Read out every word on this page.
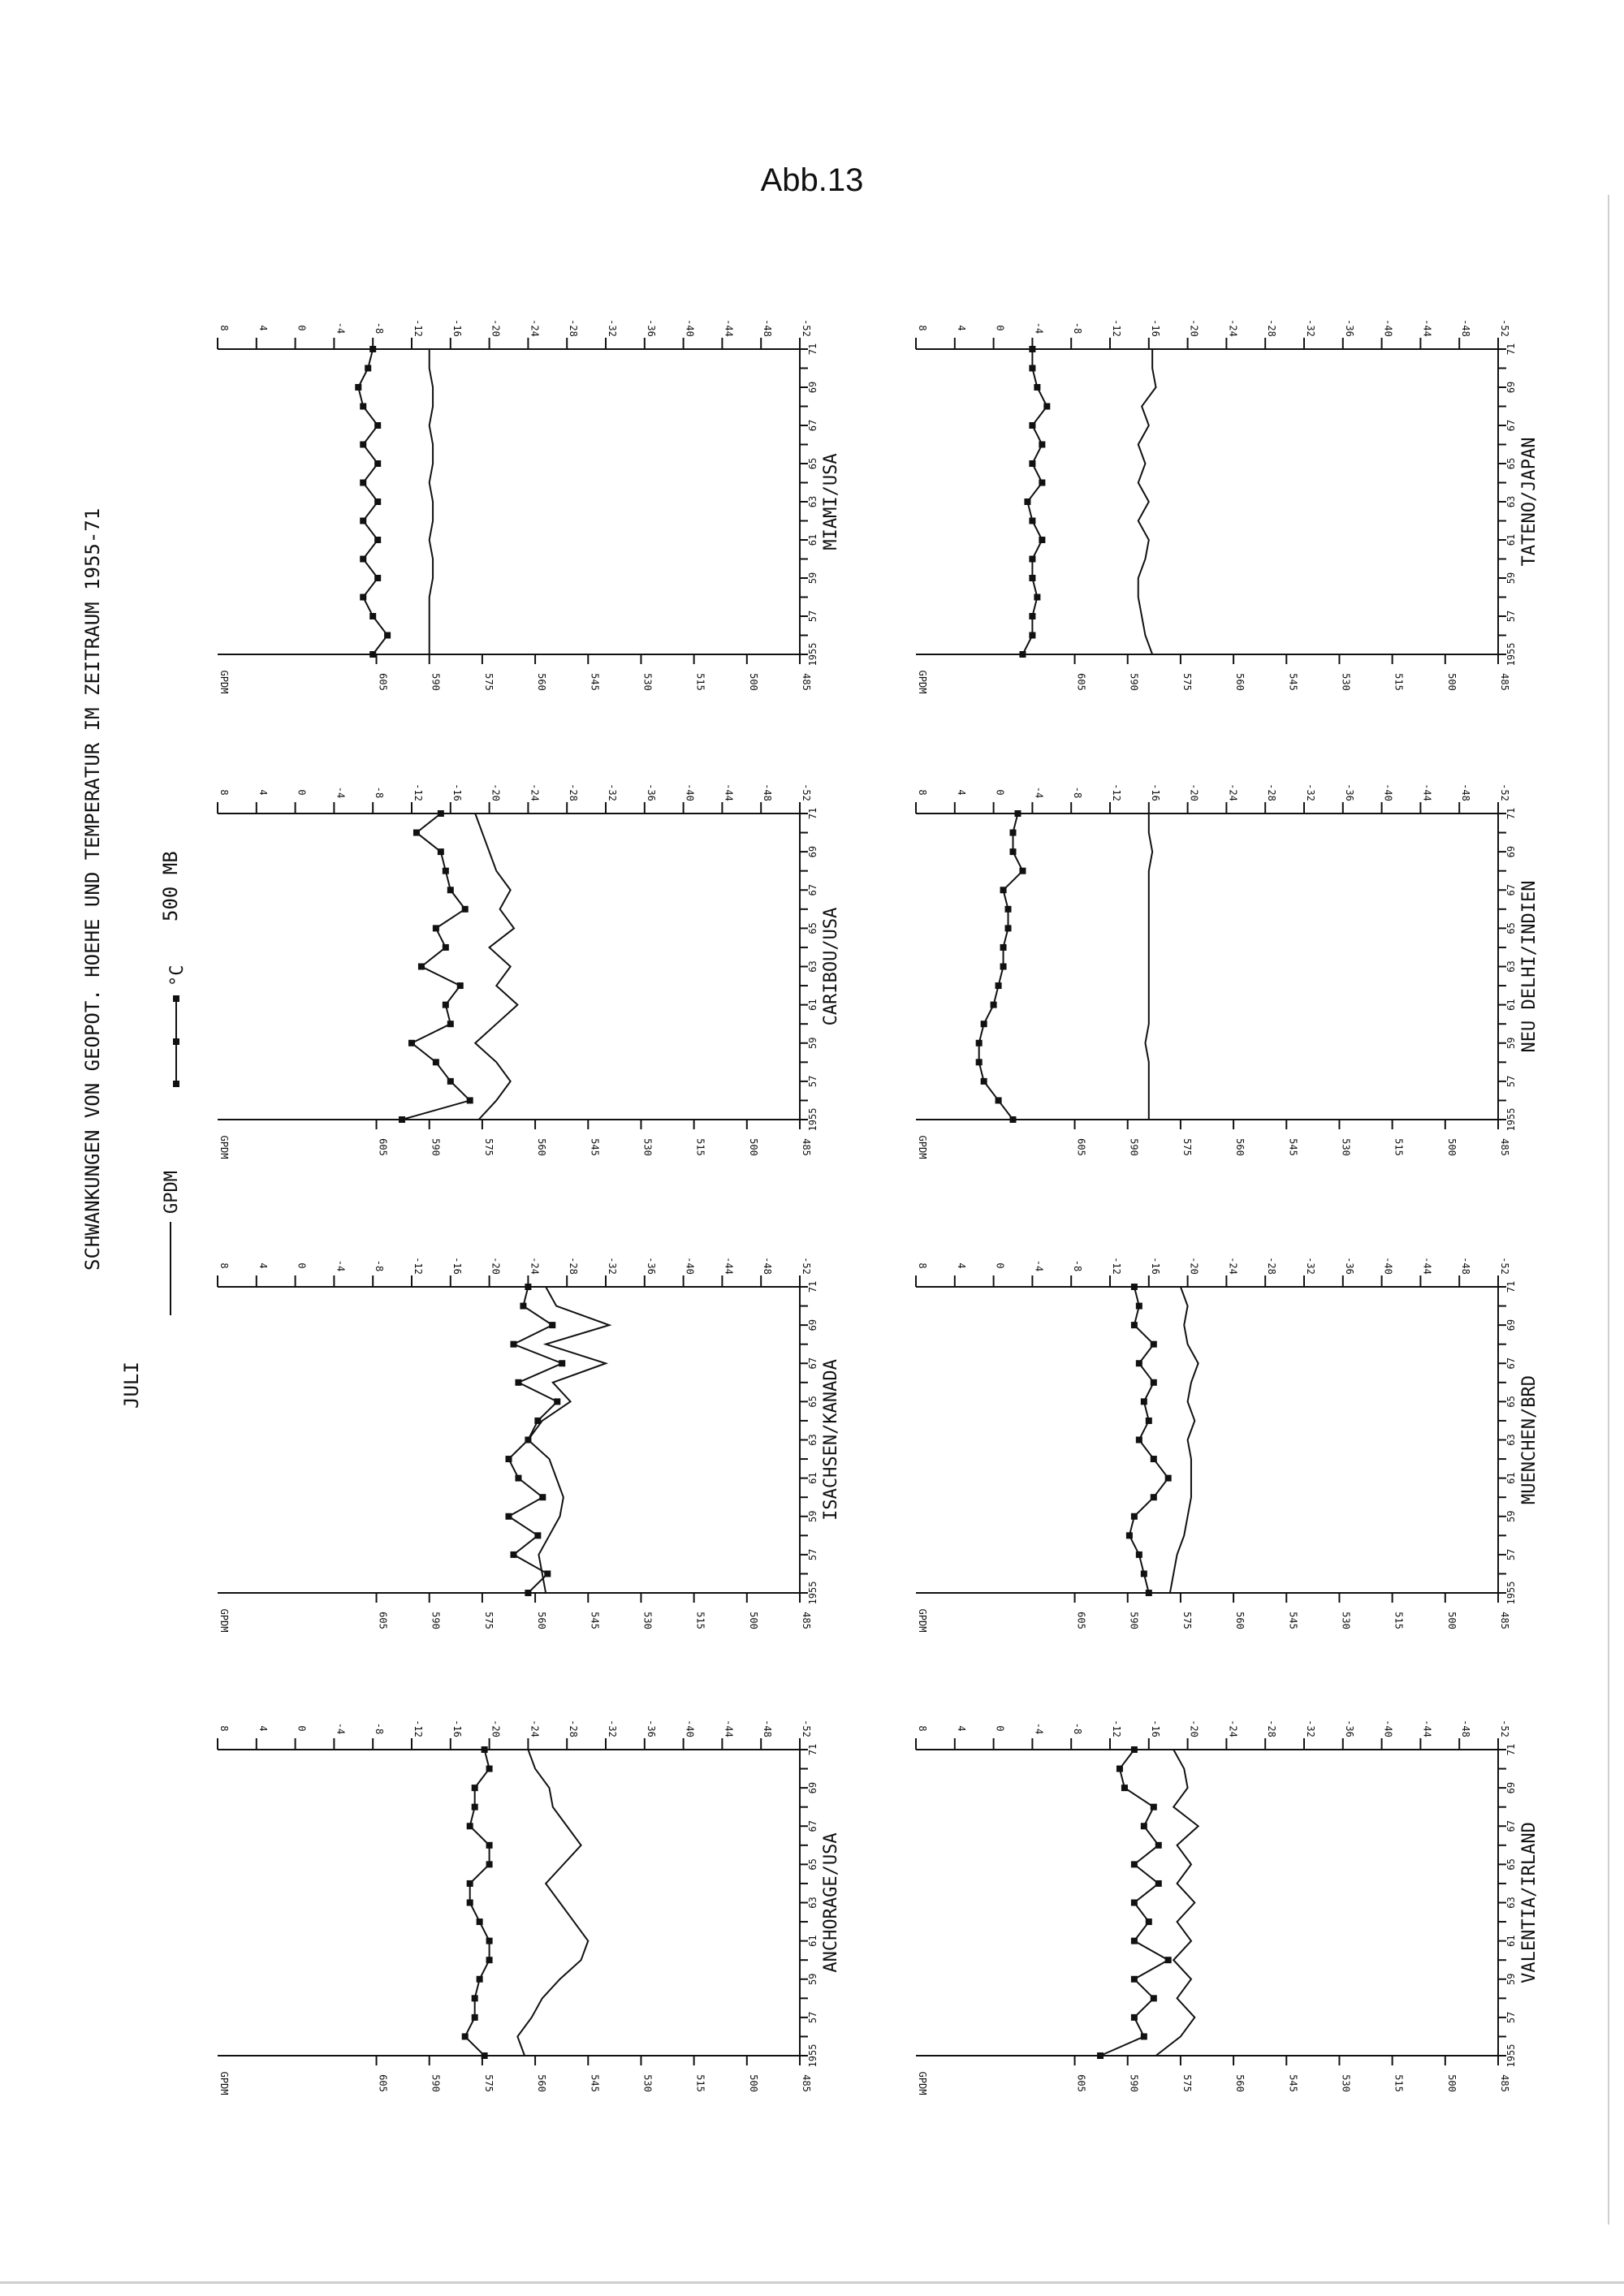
Abb.13
SCHWANKUNGEN VON GEOPOT. HOEHE UND TEMPERATUR IM ZEITRAUM 1955-71
JULI
500 MB
GPDM
°C
8	4	0	-4	-8	-12	-16	-20	-24	-28	-32	-36	-40	-44	-48	-52
GPDM	605	590	575	560	545	530	515	500	485
1955
57
59
61
63
65
67
69
71
ANCHORAGE/USA
8	4	0	-4	-8	-12	-16	-20	-24	-28	-32	-36	-40	-44	-48	-52
GPDM	605	590	575	560	545	530	515	500	485
1955
57
59
61
63
65
67
69
71
ISACHSEN/KANADA
8	4	0	-4	-8	-12	-16	-20	-24	-28	-32	-36	-40	-44	-48	-52
GPDM	605	590	575	560	545	530	515	500	485
1955
57
59
61
63
65
67
69
71
CARIBOU/USA
8	4	0	-4	-8	-12	-16	-20	-24	-28	-32	-36	-40	-44	-48	-52
GPDM	605	590	575	560	545	530	515	500	485
1955
57
59
61
63
65
67
69
71
MIAMI/USA
8	4	0	-4	-8	-12	-16	-20	-24	-28	-32	-36	-40	-44	-48	-52
GPDM	605	590	575	560	545	530	515	500	485
1955
57
59
61
63
65
67
69
71
VALENTIA/IRLAND
8	4	0	-4	-8	-12	-16	-20	-24	-28	-32	-36	-40	-44	-48	-52
GPDM	605	590	575	560	545	530	515	500	485
1955
57
59
61
63
65
67
69
71
MUENCHEN/BRD
8	4	0	-4	-8	-12	-16	-20	-24	-28	-32	-36	-40	-44	-48	-52
GPDM	605	590	575	560	545	530	515	500	485
1955
57
59
61
63
65
67
69
71
NEU DELHI/INDIEN
8	4	0	-4	-8	-12	-16	-20	-24	-28	-32	-36	-40	-44	-48	-52
GPDM	605	590	575	560	545	530	515	500	485
1955
57
59
61
63
65
67
69
71
TATENO/JAPAN
